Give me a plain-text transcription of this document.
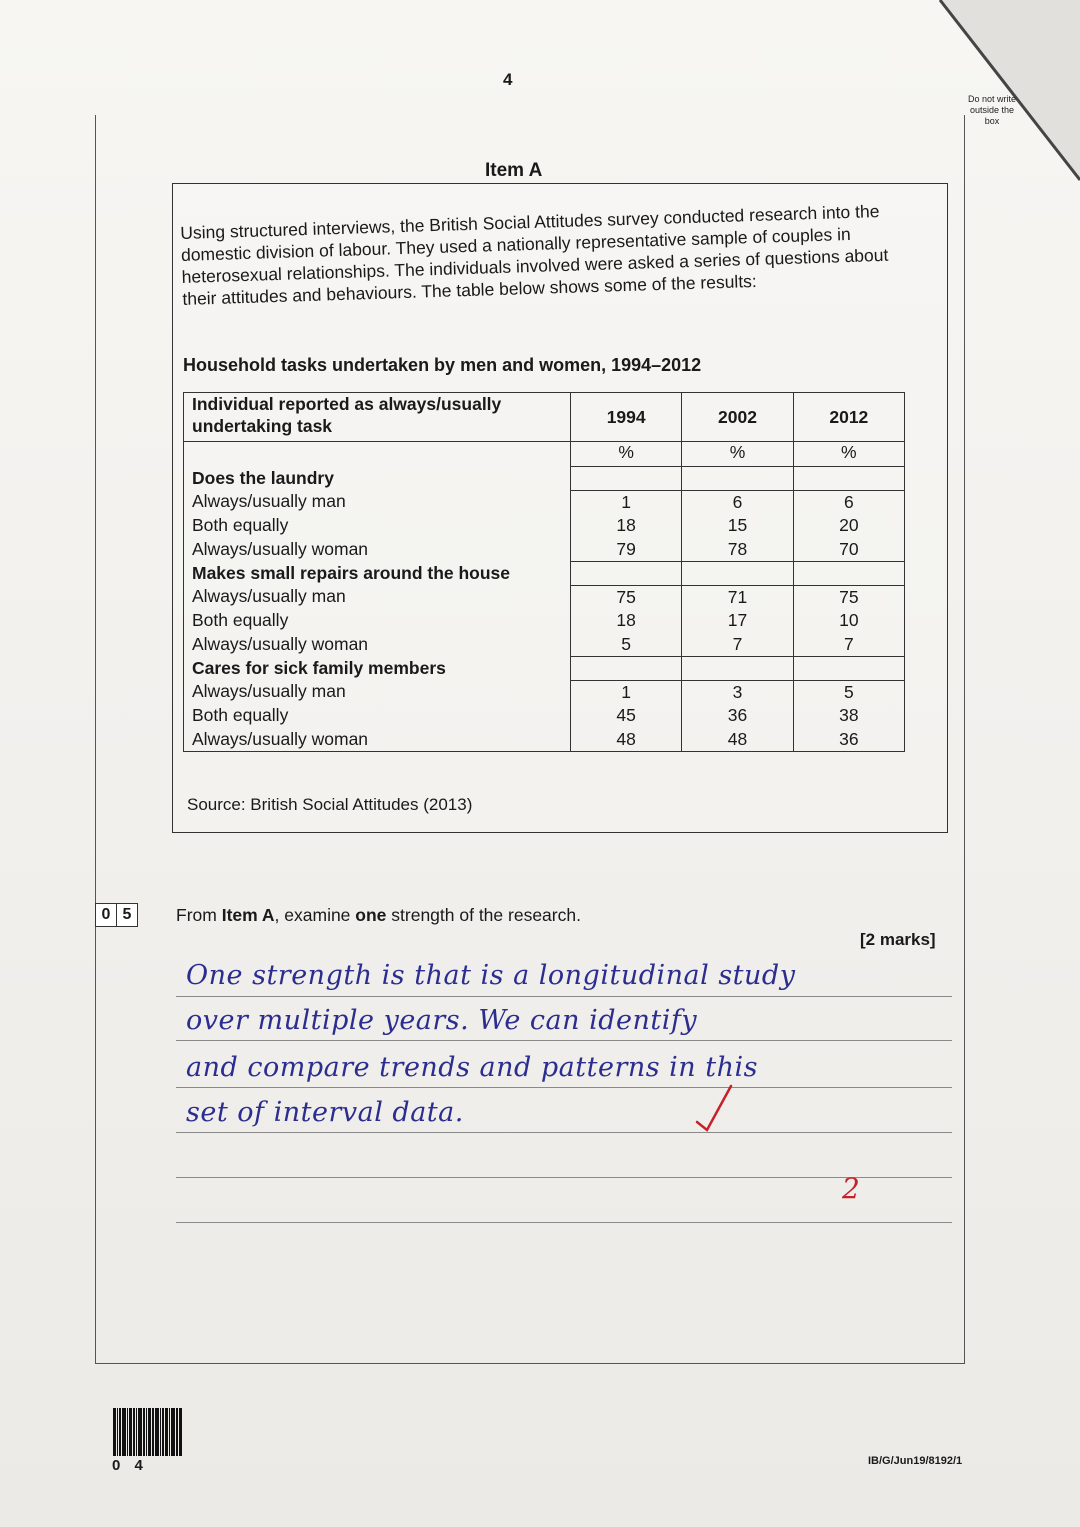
4
Do not write outside the box
Item A
Using structured interviews, the British Social Attitudes survey conducted research into the domestic division of labour. They used a nationally representative sample of couples in heterosexual relationships. The individuals involved were asked a series of questions about their attitudes and behaviours. The table below shows some of the results:
Household tasks undertaken by men and women, 1994–2012
Individual reported as always/usually undertaking task	1994	2002	2012
	%	%	%
Does the laundry			
Always/usually man	1	6	6
Both equally	18	15	20
Always/usually woman	79	78	70
Makes small repairs around the house			
Always/usually man	75	71	75
Both equally	18	17	10
Always/usually woman	5	7	7
Cares for sick family members			
Always/usually man	1	3	5
Both equally	45	36	38
Always/usually woman	48	48	36
Source: British Social Attitudes (2013)
0 5	From Item A, examine one strength of the research.
[2 marks]
One strength is that is a longitudinal study
over multiple years. We can identify
and compare trends and patterns in this
set of interval data.
2
0 4	IB/G/Jun19/8192/1
